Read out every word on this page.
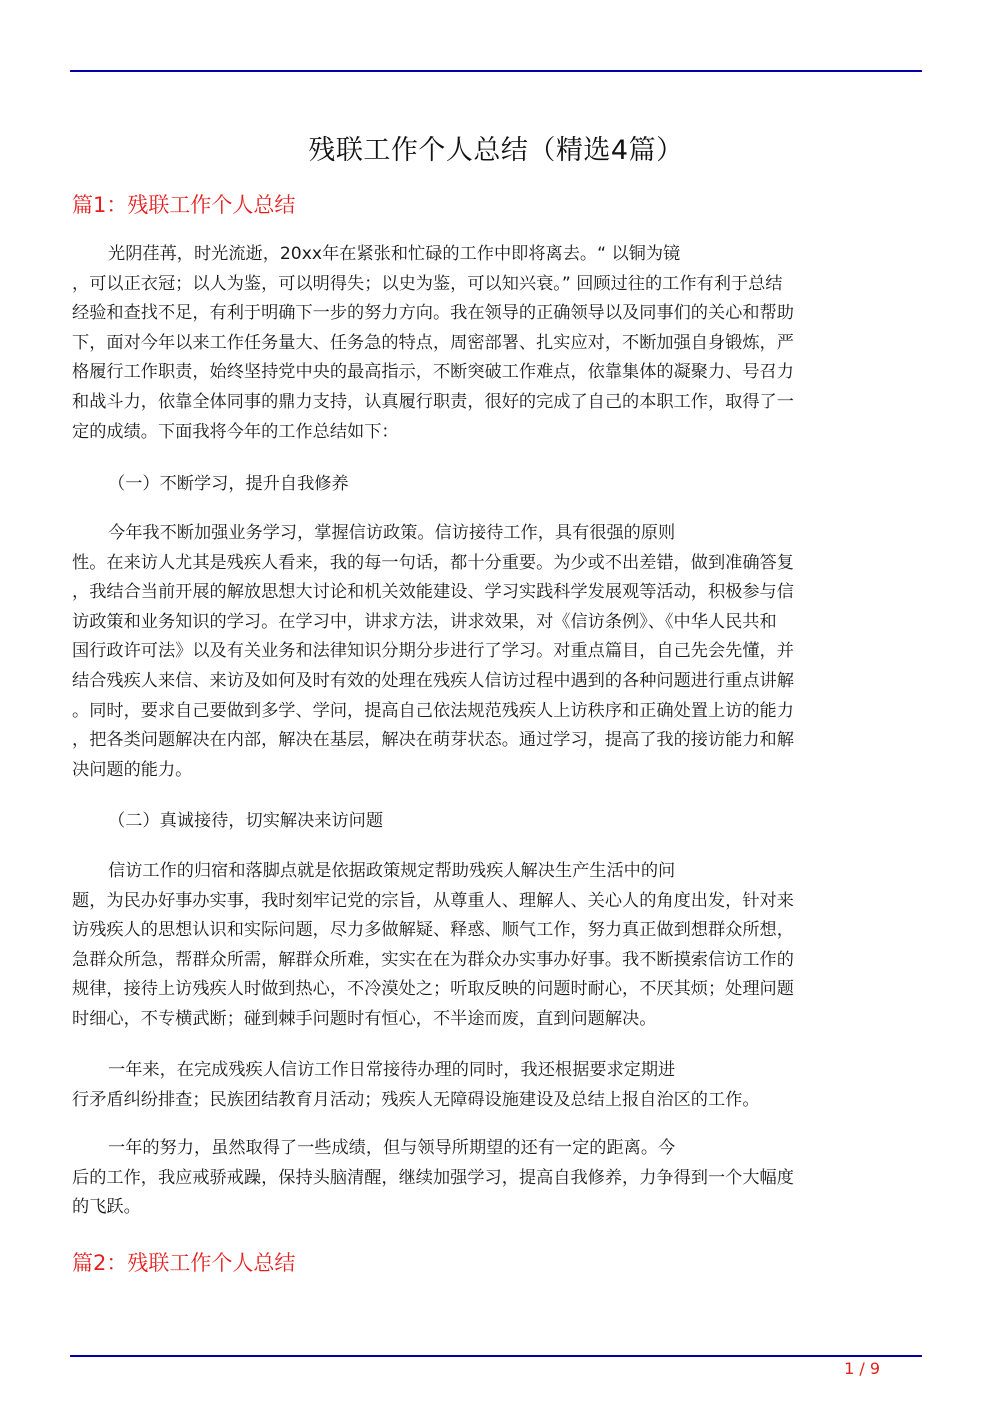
残联工作个人总结（精选4篇）
篇1：残联工作个人总结
光阴荏苒，时光流逝，20xx年在紧张和忙碌的工作中即将离去。“ 以铜为镜
，可以正衣冠；以人为鉴，可以明得失；以史为鉴，可以知兴衰。” 回顾过往的工作有利于总结
经验和查找不足，有利于明确下一步的努力方向。我在领导的正确领导以及同事们的关心和帮助
下，面对今年以来工作任务量大、任务急的特点，周密部署、扎实应对，不断加强自身锻炼，严
格履行工作职责，始终坚持党中央的最高指示，不断突破工作难点，依靠集体的凝聚力、号召力
和战斗力，依靠全体同事的鼎力支持，认真履行职责，很好的完成了自己的本职工作，取得了一
定的成绩。下面我将今年的工作总结如下：
（一）不断学习，提升自我修养
今年我不断加强业务学习，掌握信访政策。信访接待工作，具有很强的原则
性。在来访人尤其是残疾人看来，我的每一句话，都十分重要。为少或不出差错，做到准确答复
，我结合当前开展的解放思想大讨论和机关效能建设、学习实践科学发展观等活动，积极参与信
访政策和业务知识的学习。在学习中，讲求方法，讲求效果，对《信访条例》、《中华人民共和
国行政许可法》以及有关业务和法律知识分期分步进行了学习。对重点篇目，自己先会先懂，并
结合残疾人来信、来访及如何及时有效的处理在残疾人信访过程中遇到的各种问题进行重点讲解
。同时，要求自己要做到多学、学问，提高自己依法规范残疾人上访秩序和正确处置上访的能力
，把各类问题解决在内部，解决在基层，解决在萌芽状态。通过学习，提高了我的接访能力和解
决问题的能力。
（二）真诚接待，切实解决来访问题
信访工作的归宿和落脚点就是依据政策规定帮助残疾人解决生产生活中的问
题，为民办好事办实事，我时刻牢记党的宗旨，从尊重人、理解人、关心人的角度出发，针对来
访残疾人的思想认识和实际问题，尽力多做解疑、释惑、顺气工作，努力真正做到想群众所想，
急群众所急，帮群众所需，解群众所难，实实在在为群众办实事办好事。我不断摸索信访工作的
规律，接待上访残疾人时做到热心，不冷漠处之；听取反映的问题时耐心，不厌其烦；处理问题
时细心，不专横武断；碰到棘手问题时有恒心，不半途而废，直到问题解决。
一年来，在完成残疾人信访工作日常接待办理的同时，我还根据要求定期进
行矛盾纠纷排查；民族团结教育月活动；残疾人无障碍设施建设及总结上报自治区的工作。
一年的努力，虽然取得了一些成绩，但与领导所期望的还有一定的距离。今
后的工作，我应戒骄戒躁，保持头脑清醒，继续加强学习，提高自我修养，力争得到一个大幅度
的飞跃。
篇2：残联工作个人总结
1 / 9
